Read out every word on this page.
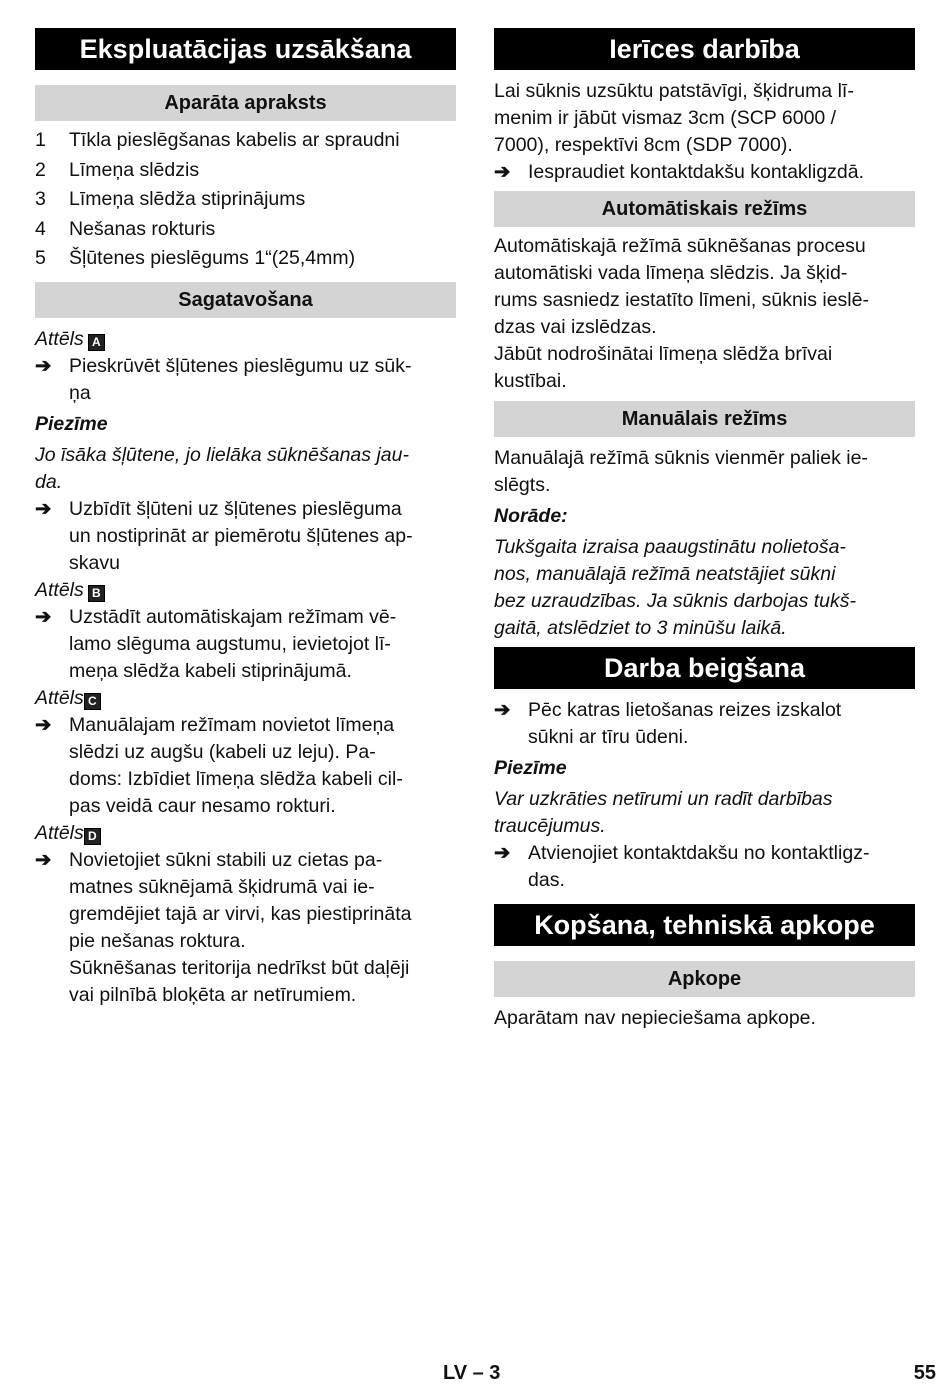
Ekspluatācijas uzsākšana
Aparāta apraksts
1	Tīkla pieslēgšanas kabelis ar spraudni
2	Līmeņa slēdzis
3	Līmeņa slēdža stiprinājums
4	Nešanas rokturis
5	Šļūtenes pieslēgums 1“(25,4mm)
Sagatavošana
Attēls A
➔ Pieskrūvēt šļūtenes pieslēgumu uz sūk-
ņa
Piezīme
Jo īsāka šļūtene, jo lielāka sūknēšanas jau-
da.
➔ Uzbīdīt šļūteni uz šļūtenes pieslēguma
un nostiprināt ar piemērotu šļūtenes ap-
skavu
Attēls B
➔ Uzstādīt automātiskajam režīmam vē-
lamo slēguma augstumu, ievietojot lī-
meņa slēdža kabeli stiprinājumā.
Attēls C
➔ Manuālajam režīmam novietot līmeņa
slēdzi uz augšu (kabeli uz leju). Pa-
doms: Izbīdiet līmeņa slēdža kabeli cil-
pas veidā caur nesamo rokturi.
Attēls D
➔ Novietojiet sūkni stabili uz cietas pa-
matnes sūknējamā šķidrumā vai ie-
gremdējiet tajā ar virvi, kas piestiprināta
pie nešanas roktura.
Sūknēšanas teritorija nedrīkst būt daļēji
vai pilnībā bloķēta ar netīrumiem.
Ierīces darbība
Lai sūknis uzsūktu patstāvīgi, šķidruma lī-
menim ir jābūt vismaz 3cm (SCP 6000 /
7000), respektīvi 8cm (SDP 7000).
➔ Iespraudiet kontaktdakšu kontakligzdā.
Automātiskais režīms
Automātiskajā režīmā sūknēšanas procesu
automātiski vada līmeņa slēdzis. Ja šķid-
rums sasniedz iestatīto līmeni, sūknis ieslē-
dzas vai izslēdzas.
Jābūt nodrošinātai līmeņa slēdža brīvai
kustībai.
Manuālais režīms
Manuālajā režīmā sūknis vienmēr paliek ie-
slēgts.
Norāde:
Tukšgaita izraisa paaugstinātu nolietoša-
nos, manuālajā režīmā neatstājiet sūkni
bez uzraudzības. Ja sūknis darbojas tukš-
gaitā, atslēdziet to 3 minūšu laikā.
Darba beigšana
➔ Pēc katras lietošanas reizes izskalot
sūkni ar tīru ūdeni.
Piezīme
Var uzkrāties netīrumi un radīt darbības
traucējumus.
➔ Atvienojiet kontaktdakšu no kontaktligz-
das.
Kopšana, tehniskā apkope
Apkope
Aparātam nav nepieciešama apkope.
LV – 3	55
